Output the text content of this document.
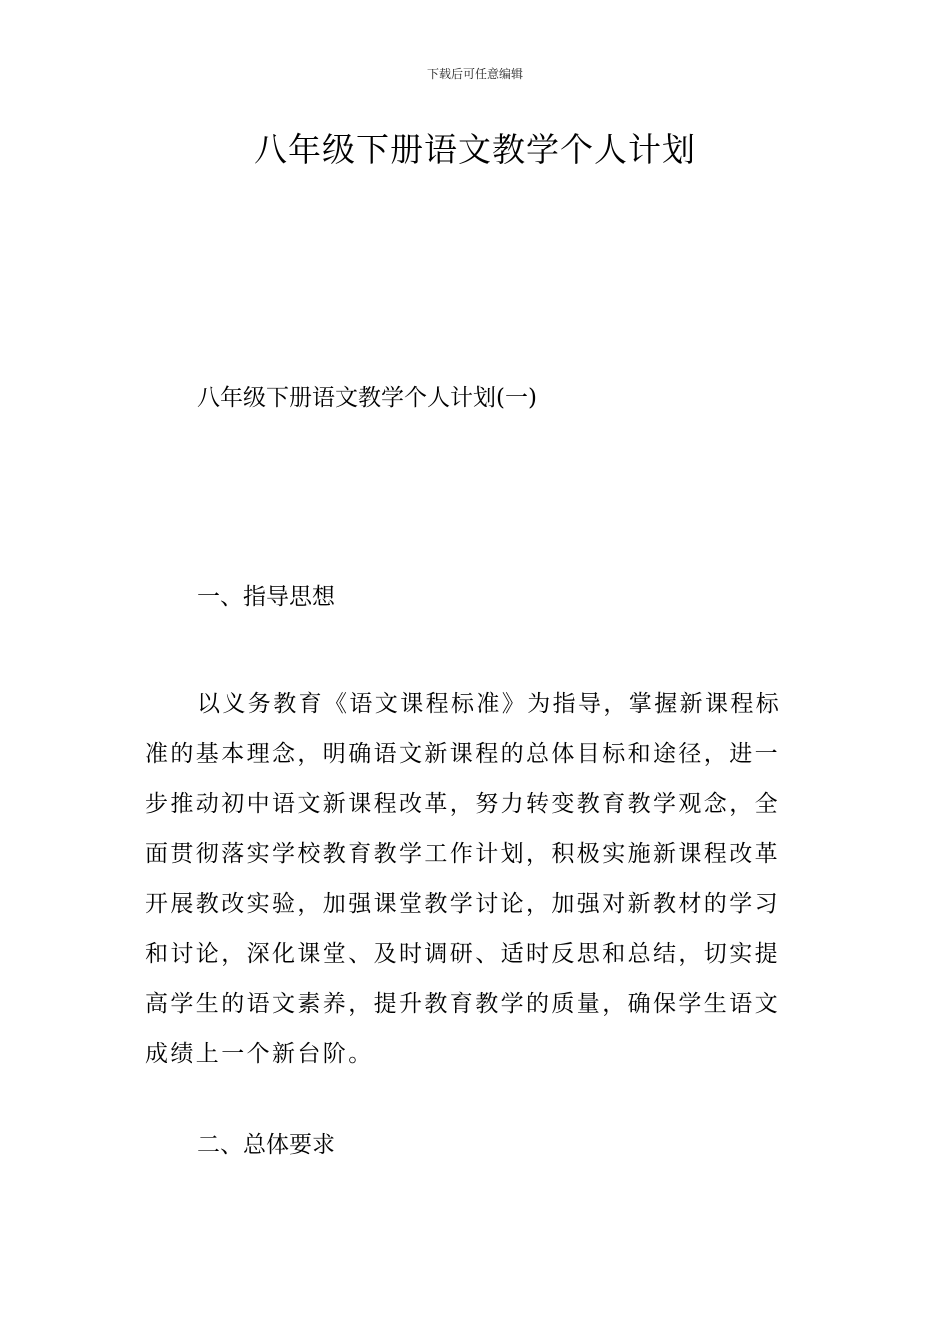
下载后可任意编辑
八年级下册语文教学个人计划
八年级下册语文教学个人计划(一)
一、指导思想
以义务教育《语文课程标准》为指导，掌握新课程标
准的基本理念，明确语文新课程的总体目标和途径，进一
步推动初中语文新课程改革，努力转变教育教学观念，全
面贯彻落实学校教育教学工作计划，积极实施新课程改革
开展教改实验，加强课堂教学讨论，加强对新教材的学习
和讨论，深化课堂、及时调研、适时反思和总结，切实提
高学生的语文素养，提升教育教学的质量，确保学生语文
成绩上一个新台阶。
二、总体要求
